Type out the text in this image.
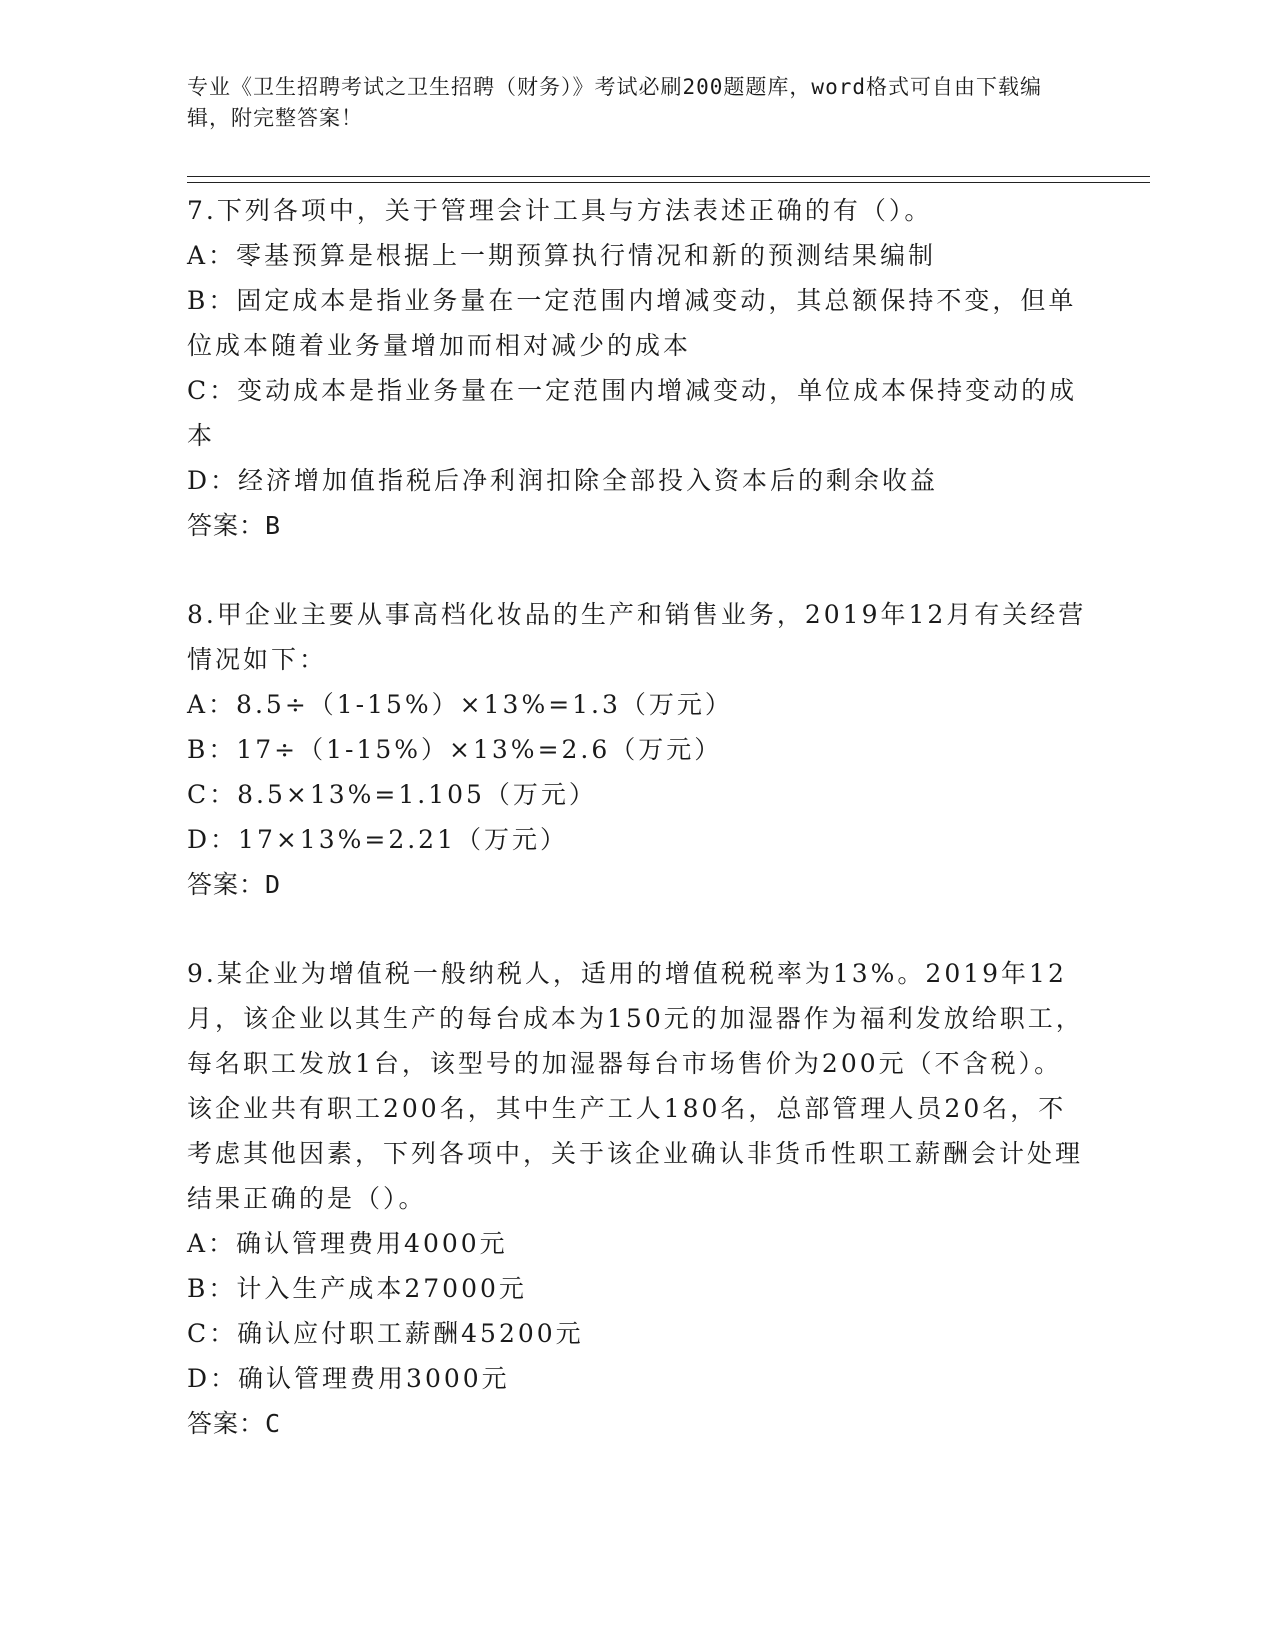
专业《卫生招聘考试之卫生招聘（财务）》考试必刷200题题库，word格式可自由下载编辑，附完整答案！

7.下列各项中，关于管理会计工具与方法表述正确的有（）。

A：零基预算是根据上一期预算执行情况和新的预测结果编制

B：固定成本是指业务量在一定范围内增减变动，其总额保持不变，但单位成本随着业务量增加而相对减少的成本

C：变动成本是指业务量在一定范围内增减变动，单位成本保持变动的成本

D：经济增加值指税后净利润扣除全部投入资本后的剩余收益

答案：B

8.甲企业主要从事高档化妆品的生产和销售业务，2019年12月有关经营情况如下：

A：8.5÷（1-15%）×13%=1.3（万元）

B：17÷（1-15%）×13%=2.6（万元）

C：8.5×13%=1.105（万元）

D：17×13%=2.21（万元）

答案：D

9.某企业为增值税一般纳税人，适用的增值税税率为13%。2019年12月，该企业以其生产的每台成本为150元的加湿器作为福利发放给职工，每名职工发放1台，该型号的加湿器每台市场售价为200元（不含税）。该企业共有职工200名，其中生产工人180名，总部管理人员20名，不考虑其他因素，下列各项中，关于该企业确认非货币性职工薪酬会计处理结果正确的是（）。

A：确认管理费用4000元

B：计入生产成本27000元

C：确认应付职工薪酬45200元

D：确认管理费用3000元

答案：C
